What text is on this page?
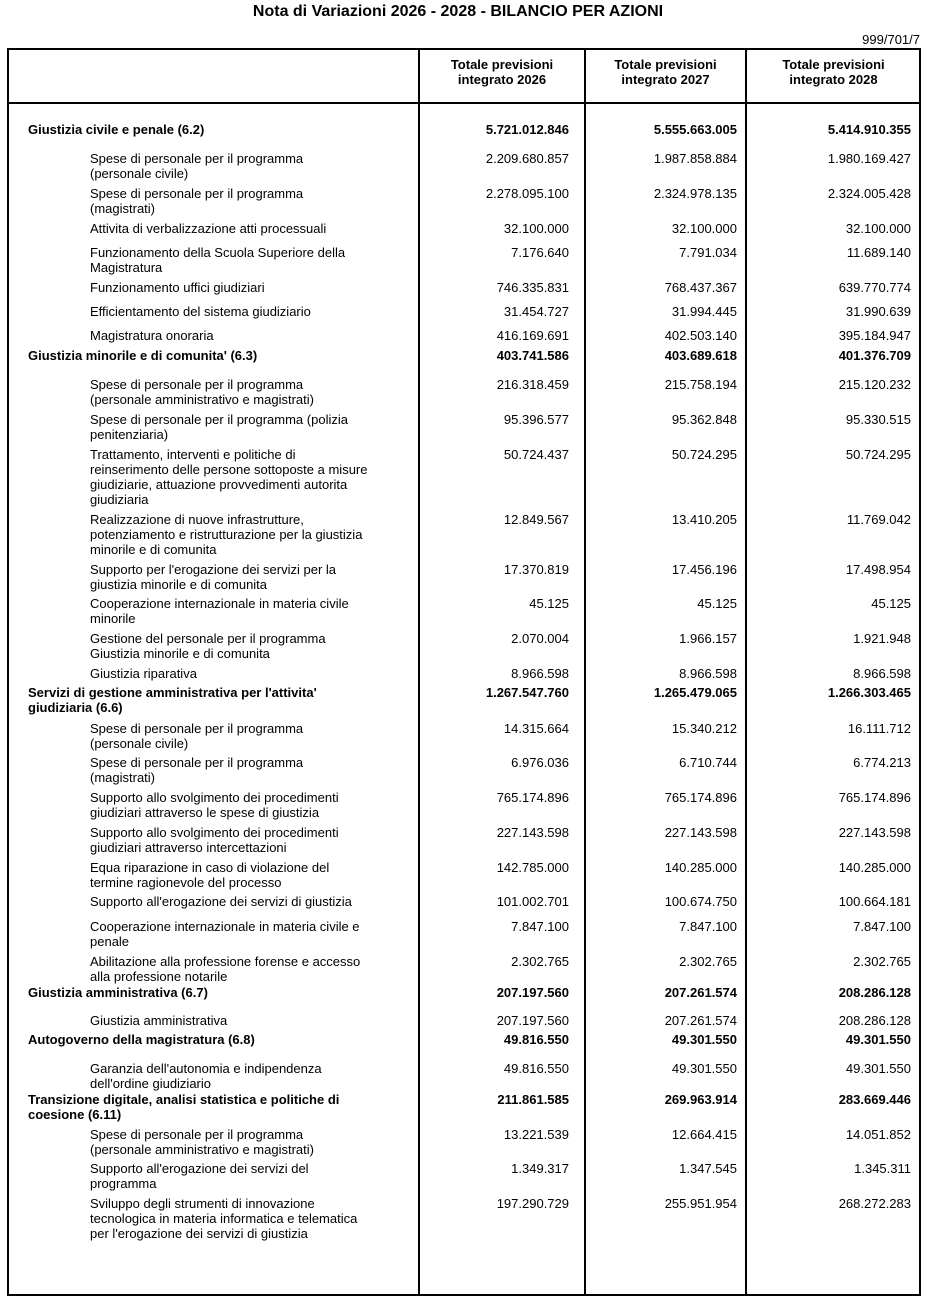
Nota di Variazioni 2026 - 2028 - BILANCIO PER AZIONI
999/701/7
Totale previsioni
integrato 2026
Totale previsioni
integrato 2027
Totale previsioni
integrato 2028
Giustizia civile e penale (6.2)	5.721.012.846	5.555.663.005	5.414.910.355
Spese di personale per il programma
(personale civile)
2.209.680.857	1.987.858.884	1.980.169.427
Spese di personale per il programma
(magistrati)
2.278.095.100	2.324.978.135	2.324.005.428
Attivita di verbalizzazione atti processuali	32.100.000	32.100.000	32.100.000
Funzionamento della Scuola Superiore della
Magistratura
7.176.640	7.791.034	11.689.140
Funzionamento uffici giudiziari	746.335.831	768.437.367	639.770.774
Efficientamento del sistema giudiziario	31.454.727	31.994.445	31.990.639
Magistratura onoraria	416.169.691	402.503.140	395.184.947
Giustizia minorile e di comunita' (6.3)	403.741.586	403.689.618	401.376.709
Spese di personale per il programma
(personale amministrativo e magistrati)
216.318.459	215.758.194	215.120.232
Spese di personale per il programma (polizia
penitenziaria)
95.396.577	95.362.848	95.330.515
Trattamento, interventi e politiche di
reinserimento delle persone sottoposte a misure
giudiziarie, attuazione provvedimenti autorita
giudiziaria
50.724.437	50.724.295	50.724.295
Realizzazione di nuove infrastrutture,
potenziamento e ristrutturazione per la giustizia
minorile e di comunita
12.849.567	13.410.205	11.769.042
Supporto per l'erogazione dei servizi per la
giustizia minorile e di comunita
17.370.819	17.456.196	17.498.954
Cooperazione internazionale in materia civile
minorile
45.125	45.125	45.125
Gestione del personale per il programma
Giustizia minorile e di comunita
2.070.004	1.966.157	1.921.948
Giustizia riparativa	8.966.598	8.966.598	8.966.598
Servizi di gestione amministrativa per l'attivita'
giudiziaria (6.6)
1.267.547.760	1.265.479.065	1.266.303.465
Spese di personale per il programma
(personale civile)
14.315.664	15.340.212	16.111.712
Spese di personale per il programma
(magistrati)
6.976.036	6.710.744	6.774.213
Supporto allo svolgimento dei procedimenti
giudiziari attraverso le spese di giustizia
765.174.896	765.174.896	765.174.896
Supporto allo svolgimento dei procedimenti
giudiziari attraverso intercettazioni
227.143.598	227.143.598	227.143.598
Equa riparazione in caso di violazione del
termine ragionevole del processo
142.785.000	140.285.000	140.285.000
Supporto all'erogazione dei servizi di giustizia	101.002.701	100.674.750	100.664.181
Cooperazione internazionale in materia civile e
penale
7.847.100	7.847.100	7.847.100
Abilitazione alla professione forense e accesso
alla professione notarile
2.302.765	2.302.765	2.302.765
Giustizia amministrativa (6.7)	207.197.560	207.261.574	208.286.128
Giustizia amministrativa	207.197.560	207.261.574	208.286.128
Autogoverno della magistratura (6.8)	49.816.550	49.301.550	49.301.550
Garanzia dell'autonomia e indipendenza
dell'ordine giudiziario
49.816.550	49.301.550	49.301.550
Transizione digitale, analisi statistica e politiche di
coesione (6.11)
211.861.585	269.963.914	283.669.446
Spese di personale per il programma
(personale amministrativo e magistrati)
13.221.539	12.664.415	14.051.852
Supporto all'erogazione dei servizi del
programma
1.349.317	1.347.545	1.345.311
Sviluppo degli strumenti di innovazione
tecnologica in materia informatica e telematica
per l'erogazione dei servizi di giustizia
197.290.729	255.951.954	268.272.283
